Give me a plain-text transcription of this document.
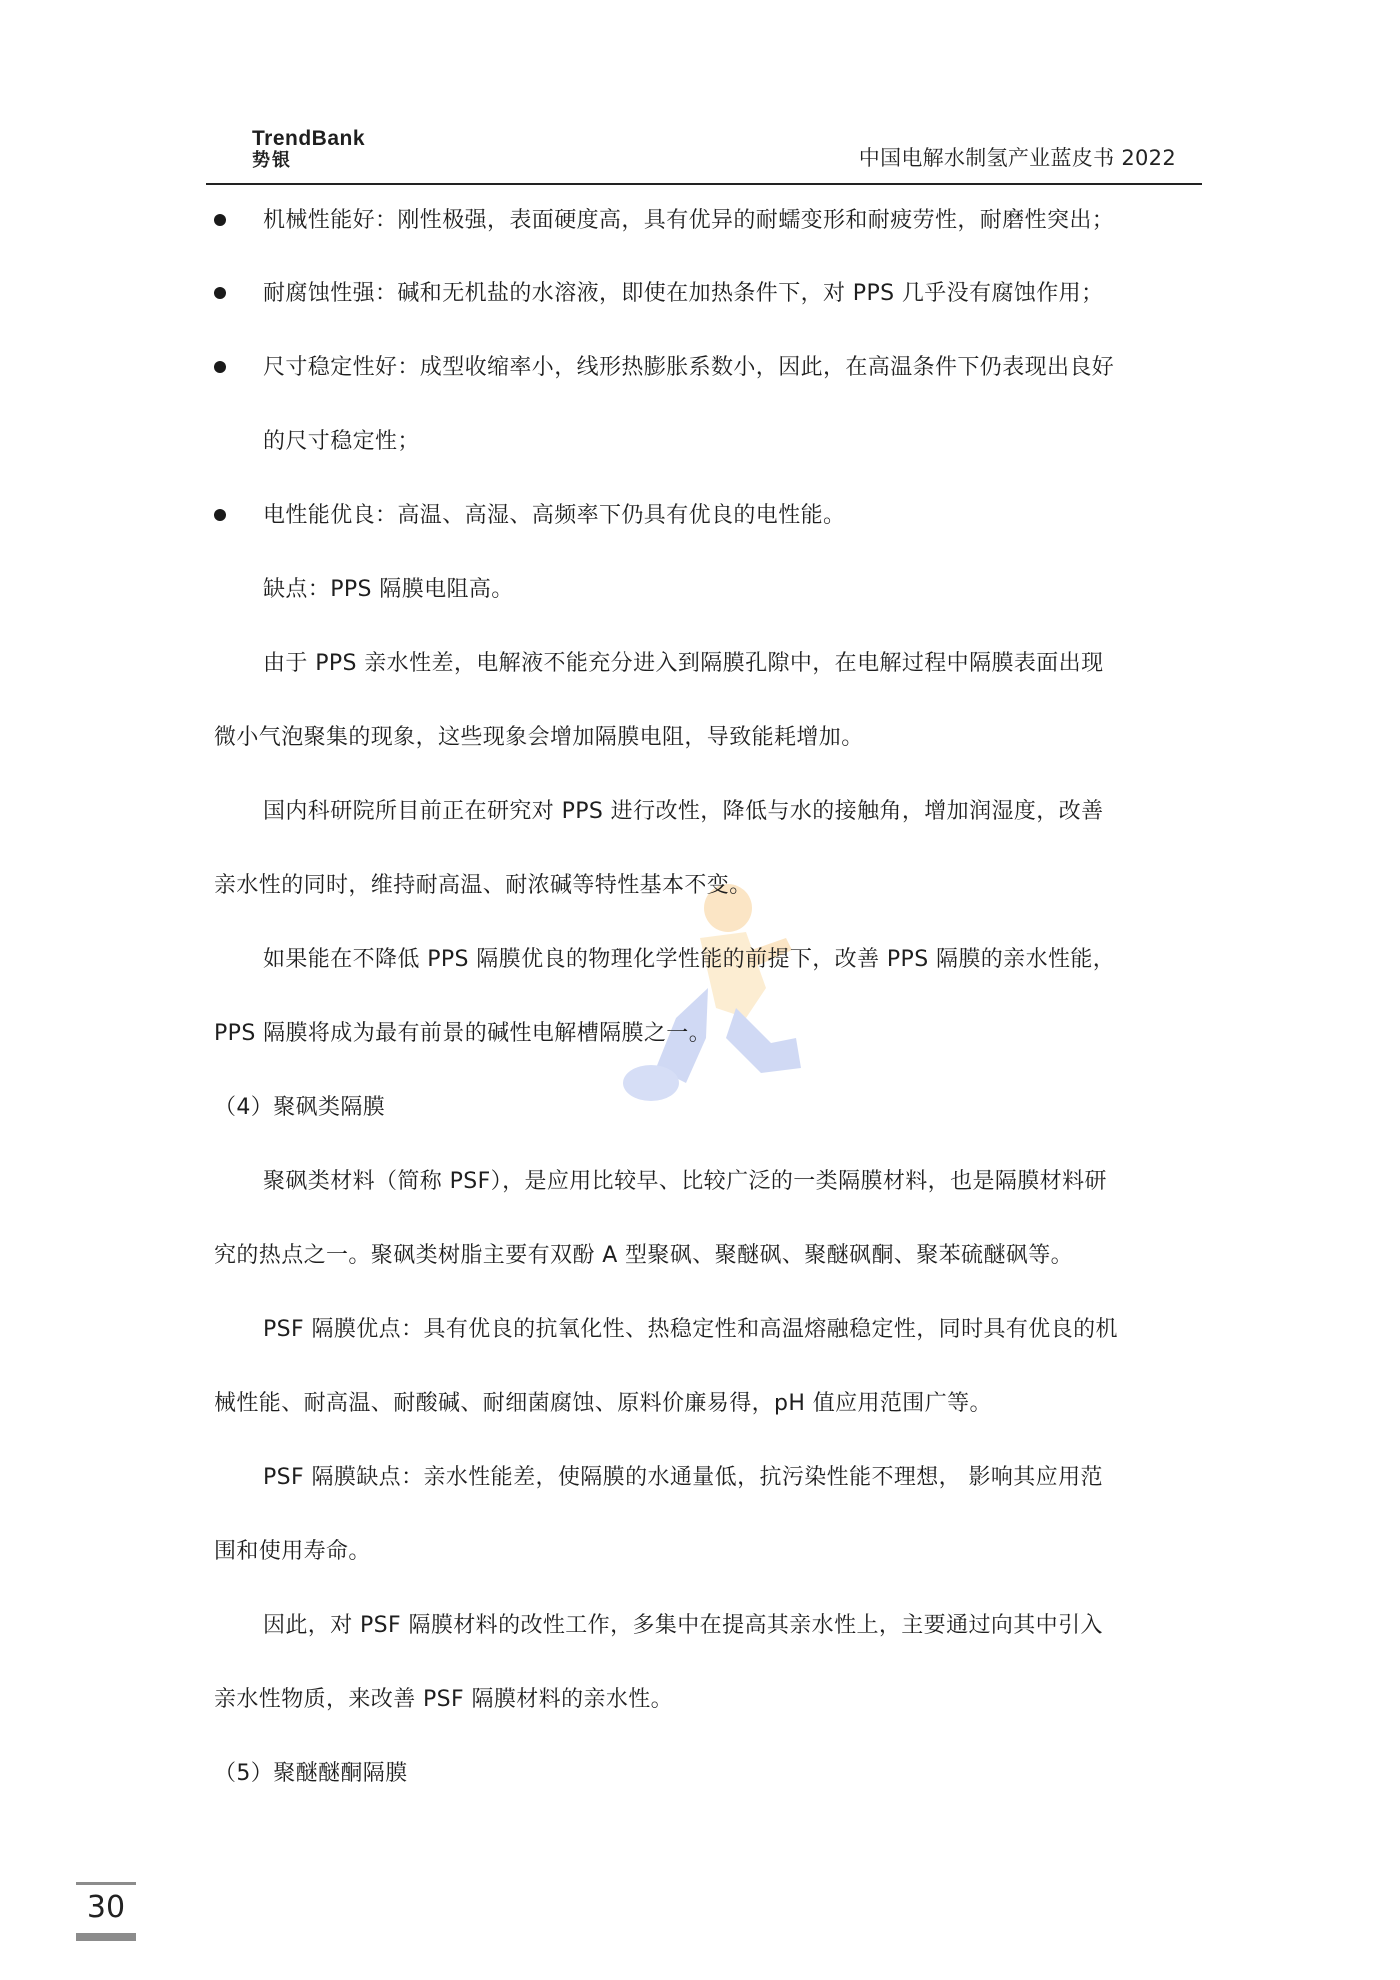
TrendBank
势银	中国电解水制氢产业蓝皮书 2022
机械性能好：刚性极强，表面硬度高，具有优异的耐蠕变形和耐疲劳性，耐磨性突出；
耐腐蚀性强：碱和无机盐的水溶液，即使在加热条件下，对 PPS 几乎没有腐蚀作用；
尺寸稳定性好：成型收缩率小，线形热膨胀系数小，因此，在高温条件下仍表现出良好
的尺寸稳定性；
电性能优良：高温、高湿、高频率下仍具有优良的电性能。
缺点：PPS 隔膜电阻高。
由于 PPS 亲水性差，电解液不能充分进入到隔膜孔隙中，在电解过程中隔膜表面出现
微小气泡聚集的现象，这些现象会增加隔膜电阻，导致能耗增加。
国内科研院所目前正在研究对 PPS 进行改性，降低与水的接触角，增加润湿度，改善
亲水性的同时，维持耐高温、耐浓碱等特性基本不变。
如果能在不降低 PPS 隔膜优良的物理化学性能的前提下，改善 PPS 隔膜的亲水性能，
PPS 隔膜将成为最有前景的碱性电解槽隔膜之一。
（4）聚砜类隔膜
聚砜类材料（简称 PSF），是应用比较早、比较广泛的一类隔膜材料，也是隔膜材料研
究的热点之一。聚砜类树脂主要有双酚 A 型聚砜、聚醚砜、聚醚砜酮、聚苯硫醚砜等。
PSF 隔膜优点：具有优良的抗氧化性、热稳定性和高温熔融稳定性，同时具有优良的机
械性能、耐高温、耐酸碱、耐细菌腐蚀、原料价廉易得，pH 值应用范围广等。
PSF 隔膜缺点：亲水性能差，使隔膜的水通量低，抗污染性能不理想， 影响其应用范
围和使用寿命。
因此，对 PSF 隔膜材料的改性工作，多集中在提高其亲水性上，主要通过向其中引入
亲水性物质，来改善 PSF 隔膜材料的亲水性。
（5）聚醚醚酮隔膜
30
